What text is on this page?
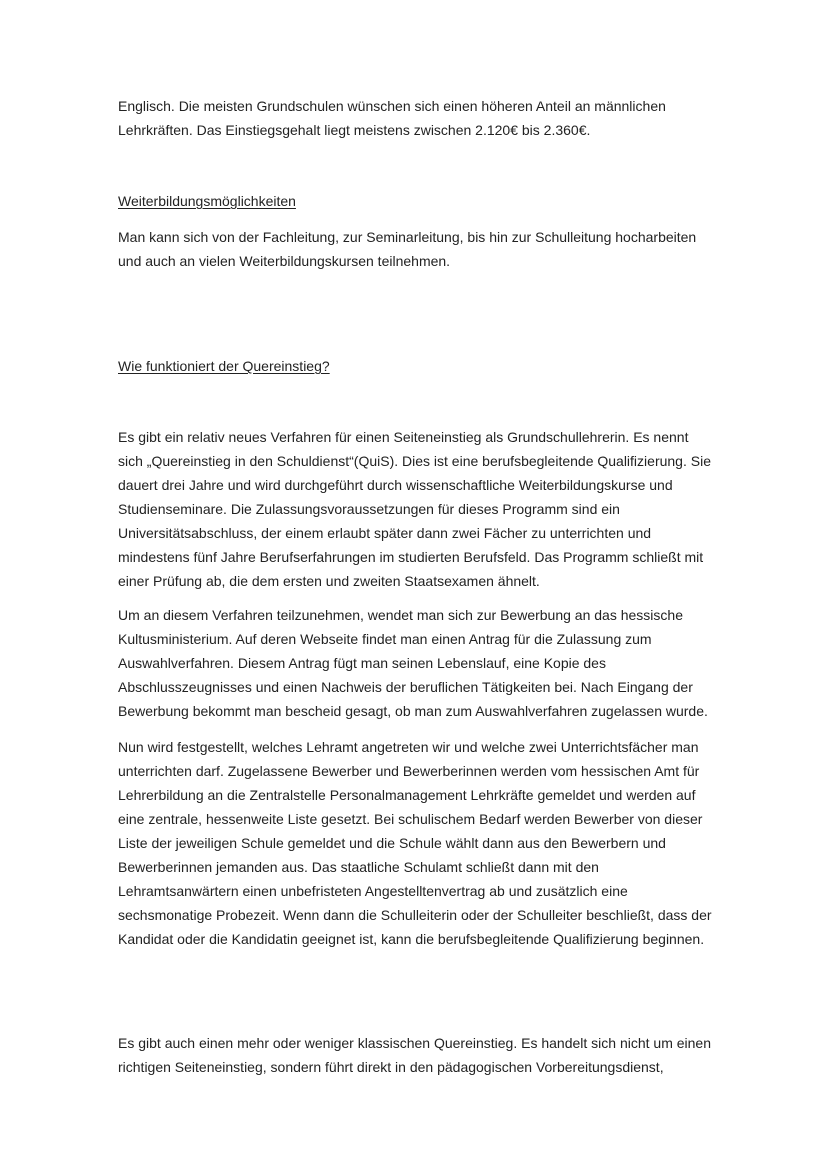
Englisch. Die meisten Grundschulen wünschen sich einen höheren Anteil an männlichen
Lehrkräften. Das Einstiegsgehalt liegt meistens zwischen 2.120€ bis 2.360€.
Weiterbildungsmöglichkeiten
Man kann sich von der Fachleitung, zur Seminarleitung, bis hin zur Schulleitung hocharbeiten
und auch an vielen Weiterbildungskursen teilnehmen.
Wie funktioniert der Quereinstieg?
Es gibt ein relativ neues Verfahren für einen Seiteneinstieg als Grundschullehrerin. Es nennt
sich „Quereinstieg in den Schuldienst“(QuiS). Dies ist eine berufsbegleitende Qualifizierung. Sie
dauert drei Jahre und wird durchgeführt durch wissenschaftliche Weiterbildungskurse und
Studienseminare. Die Zulassungsvoraussetzungen für dieses Programm sind ein
Universitätsabschluss, der einem erlaubt später dann zwei Fächer zu unterrichten und
mindestens fünf Jahre Berufserfahrungen im studierten Berufsfeld. Das Programm schließt mit
einer Prüfung ab, die dem ersten und zweiten Staatsexamen ähnelt.
Um an diesem Verfahren teilzunehmen, wendet man sich zur Bewerbung an das hessische
Kultusministerium. Auf deren Webseite findet man einen Antrag für die Zulassung zum
Auswahlverfahren. Diesem Antrag fügt man seinen Lebenslauf, eine Kopie des
Abschlusszeugnisses und einen Nachweis der beruflichen Tätigkeiten bei. Nach Eingang der
Bewerbung bekommt man bescheid gesagt, ob man zum Auswahlverfahren zugelassen wurde.
Nun wird festgestellt, welches Lehramt angetreten wir und welche zwei Unterrichtsfächer man
unterrichten darf. Zugelassene Bewerber und Bewerberinnen werden vom hessischen Amt für
Lehrerbildung an die Zentralstelle Personalmanagement Lehrkräfte gemeldet und werden auf
eine zentrale, hessenweite Liste gesetzt. Bei schulischem Bedarf werden Bewerber von dieser
Liste der jeweiligen Schule gemeldet und die Schule wählt dann aus den Bewerbern und
Bewerberinnen jemanden aus. Das staatliche Schulamt schließt dann mit den
Lehramtsanwärtern einen unbefristeten Angestelltenvertrag ab und zusätzlich eine
sechsmonatige Probezeit. Wenn dann die Schulleiterin oder der Schulleiter beschließt, dass der
Kandidat oder die Kandidatin geeignet ist, kann die berufsbegleitende Qualifizierung beginnen.
Es gibt auch einen mehr oder weniger klassischen Quereinstieg. Es handelt sich nicht um einen
richtigen Seiteneinstieg, sondern führt direkt in den pädagogischen Vorbereitungsdienst,
